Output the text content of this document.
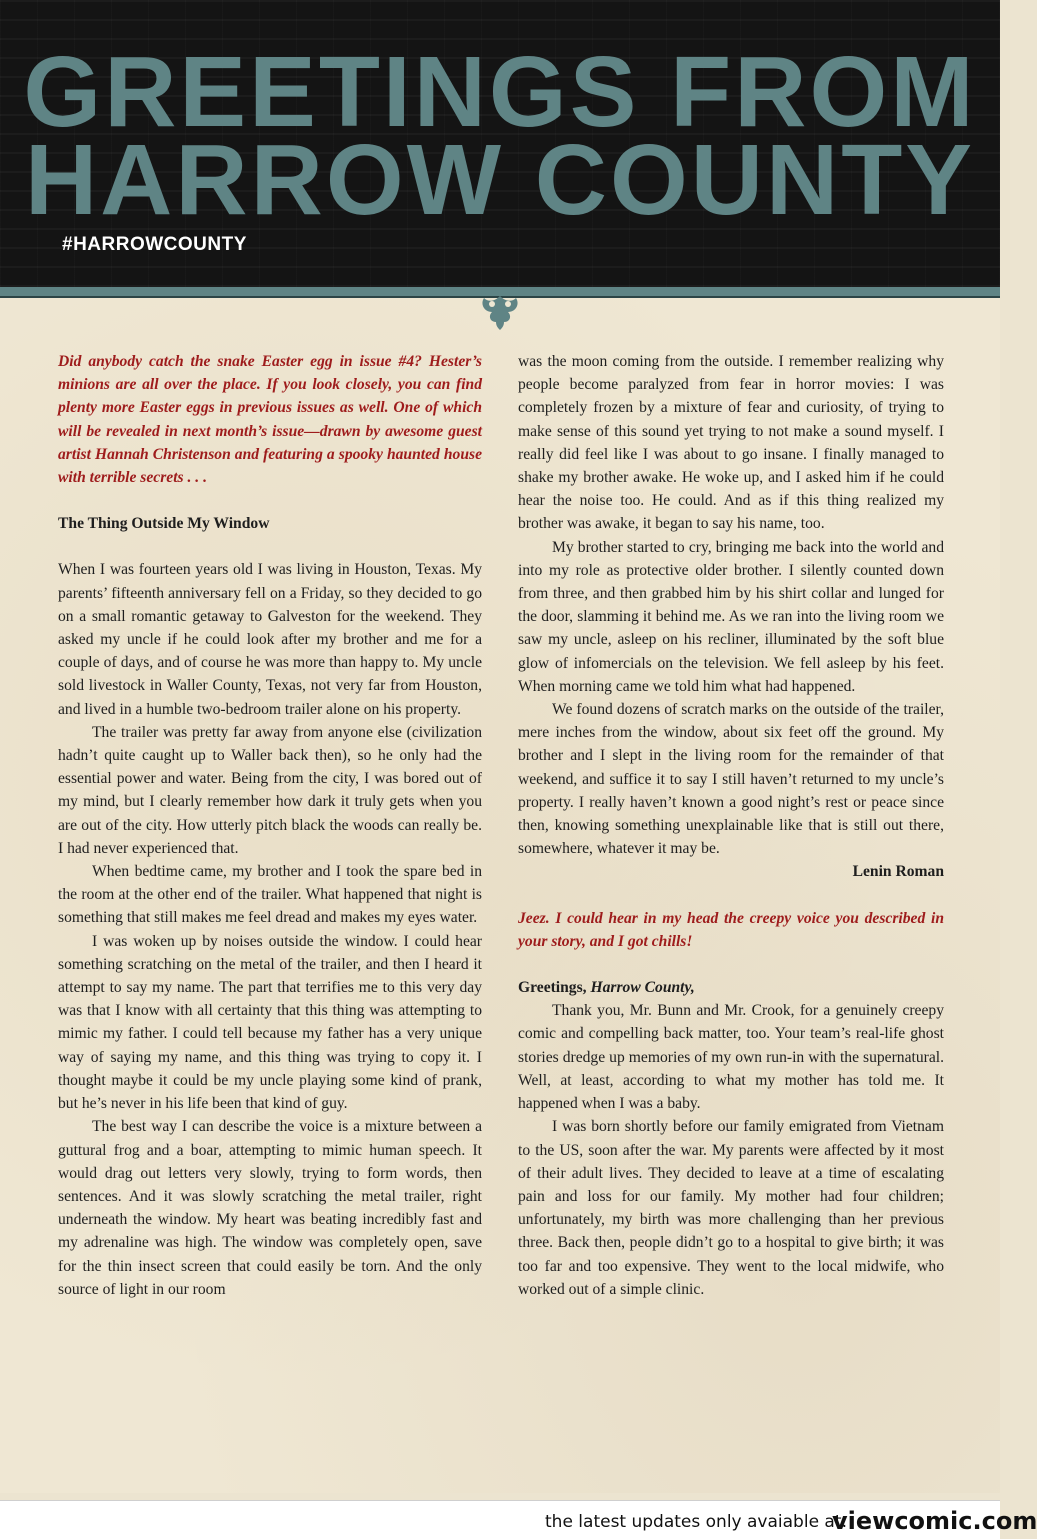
GREETINGS FROM
HARROW COUNTY
#HARROWCOUNTY

Did anybody catch the snake Easter egg in issue #4? Hester’s minions are all over the place. If you look closely, you can find plenty more Easter eggs in previous issues as well. One of which will be revealed in next month’s issue—drawn by awesome guest artist Hannah Christenson and featuring a spooky haunted house with terrible secrets . . .

The Thing Outside My Window

When I was fourteen years old I was living in Houston, Texas. My parents’ fifteenth anniversary fell on a Friday, so they decided to go on a small romantic getaway to Galveston for the weekend. They asked my uncle if he could look after my brother and me for a couple of days, and of course he was more than happy to. My uncle sold livestock in Waller County, Texas, not very far from Houston, and lived in a humble two-bedroom trailer alone on his property.

The trailer was pretty far away from anyone else (civilization hadn’t quite caught up to Waller back then), so he only had the essential power and water. Being from the city, I was bored out of my mind, but I clearly remember how dark it truly gets when you are out of the city. How utterly pitch black the woods can really be. I had never experienced that.

When bedtime came, my brother and I took the spare bed in the room at the other end of the trailer. What happened that night is something that still makes me feel dread and makes my eyes water.

I was woken up by noises outside the window. I could hear something scratching on the metal of the trailer, and then I heard it attempt to say my name. The part that terrifies me to this very day was that I know with all certainty that this thing was attempting to mimic my father. I could tell because my father has a very unique way of saying my name, and this thing was trying to copy it. I thought maybe it could be my uncle playing some kind of prank, but he’s never in his life been that kind of guy.

The best way I can describe the voice is a mixture between a guttural frog and a boar, attempting to mimic human speech. It would drag out letters very slowly, trying to form words, then sentences. And it was slowly scratching the metal trailer, right underneath the window. My heart was beating incredibly fast and my adrenaline was high. The window was completely open, save for the thin insect screen that could easily be torn. And the only source of light in our room

was the moon coming from the outside. I remember realizing why people become paralyzed from fear in horror movies: I was completely frozen by a mixture of fear and curiosity, of trying to make sense of this sound yet trying to not make a sound myself. I really did feel like I was about to go insane. I finally managed to shake my brother awake. He woke up, and I asked him if he could hear the noise too. He could. And as if this thing realized my brother was awake, it began to say his name, too.

My brother started to cry, bringing me back into the world and into my role as protective older brother. I silently counted down from three, and then grabbed him by his shirt collar and lunged for the door, slamming it behind me. As we ran into the living room we saw my uncle, asleep on his recliner, illuminated by the soft blue glow of infomercials on the television. We fell asleep by his feet. When morning came we told him what had happened.

We found dozens of scratch marks on the outside of the trailer, mere inches from the window, about six feet off the ground. My brother and I slept in the living room for the remainder of that weekend, and suffice it to say I still haven’t returned to my uncle’s property. I really haven’t known a good night’s rest or peace since then, knowing something unexplainable like that is still out there, somewhere, whatever it may be.

Lenin Roman

Jeez. I could hear in my head the creepy voice you described in your story, and I got chills!

Greetings, Harrow County,

Thank you, Mr. Bunn and Mr. Crook, for a genuinely creepy comic and compelling back matter, too. Your team’s real-life ghost stories dredge up memories of my own run-in with the supernatural. Well, at least, according to what my mother has told me. It happened when I was a baby.

I was born shortly before our family emigrated from Vietnam to the US, soon after the war. My parents were affected by it most of their adult lives. They decided to leave at a time of escalating pain and loss for our family. My mother had four children; unfortunately, my birth was more challenging than her previous three. Back then, people didn’t go to a hospital to give birth; it was too far and too expensive. They went to the local midwife, who worked out of a simple clinic.

the latest updates only avaiable at:
viewcomic.com
